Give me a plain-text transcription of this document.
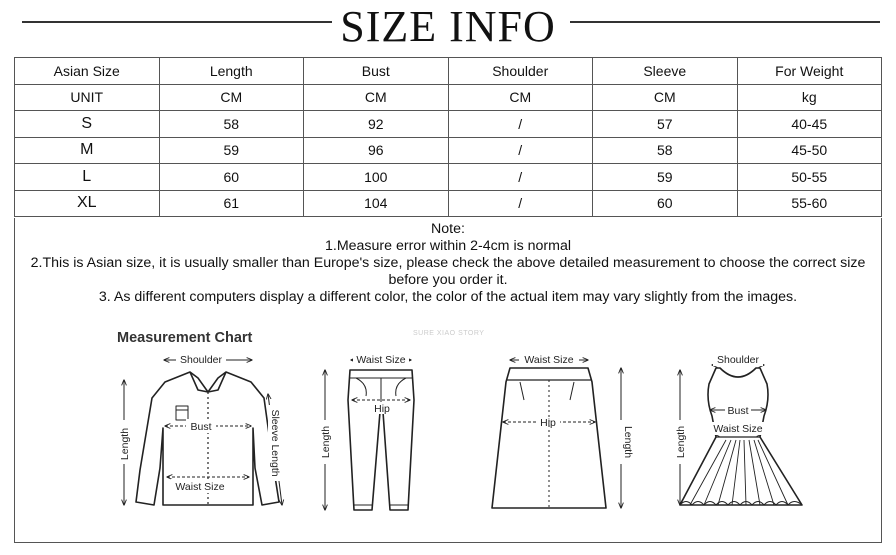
SIZE INFO
Asian Size	Length	Bust	Shoulder	Sleeve	For Weight
UNIT	CM	CM	CM	CM	kg
S	58	92	/	57	40-45
M	59	96	/	58	45-50
L	60	100	/	59	50-55
XL	61	104	/	60	55-60
Note:
1.Measure error within 2-4cm is normal
2.This is Asian size, it is usually smaller than Europe's size, please check the above detailed measurement to choose the correct size
before you order it.
3. As different computers display a different color, the color of the actual item may vary slightly from the images.
Measurement Chart	SURE XIAO STORY
Shoulder
Bust
Waist Size
Length	Sleeve Length
Waist Size
Hip
Length
Waist Size
Hip
Length
Shoulder
Bust
Waist Size
Length
